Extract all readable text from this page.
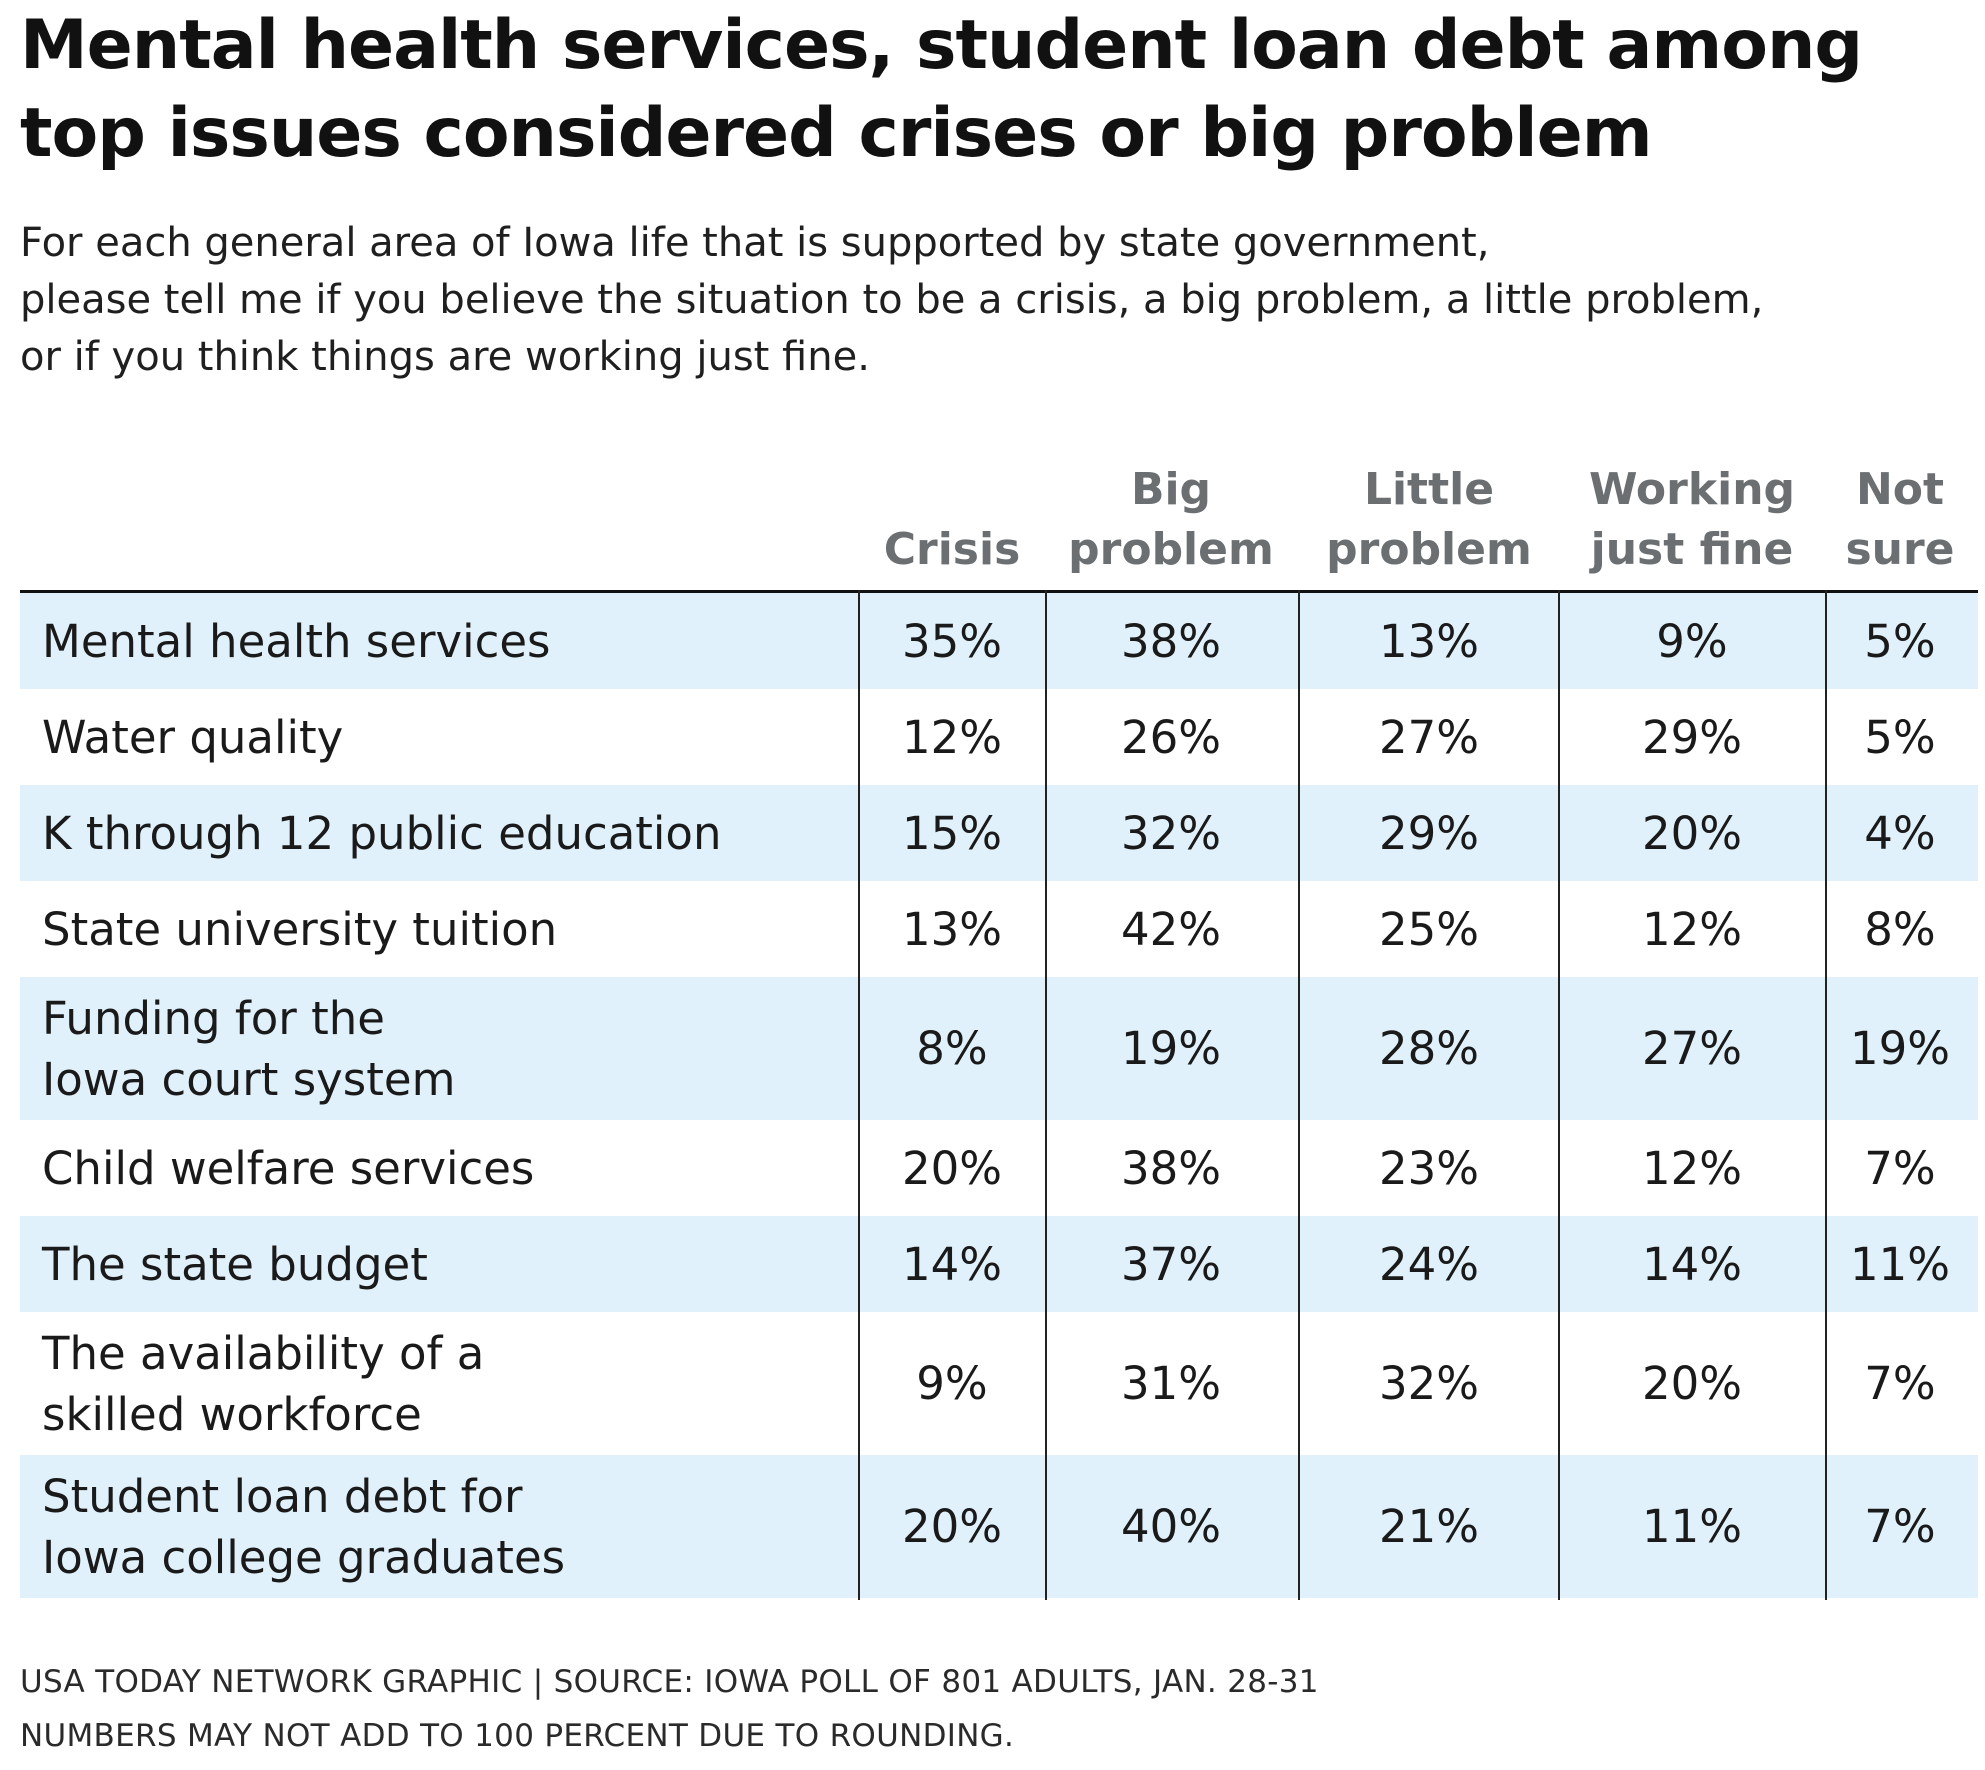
Mental health services, student loan debt among
top issues considered crises or big problem

For each general area of Iowa life that is supported by state government,
please tell me if you believe the situation to be a crisis, a big problem, a little problem,
or if you think things are working just fine.

Crisis
Big
problem
Little
problem
Working
just fine
Not
sure
Mental health services	35%	38%	13%	9%	5%
Water quality	12%	26%	27%	29%	5%
K through 12 public education	15%	32%	29%	20%	4%
State university tuition	13%	42%	25%	12%	8%
Funding for the
Iowa court system
8%	19%	28%	27%	19%
Child welfare services	20%	38%	23%	12%	7%
The state budget	14%	37%	24%	14%	11%
The availability of a
skilled workforce
9%	31%	32%	20%	7%
Student loan debt for
Iowa college graduates
20%	40%	21%	11%	7%
USA TODAY NETWORK GRAPHIC | SOURCE: IOWA POLL OF 801 ADULTS, JAN. 28-31
NUMBERS MAY NOT ADD TO 100 PERCENT DUE TO ROUNDING.
